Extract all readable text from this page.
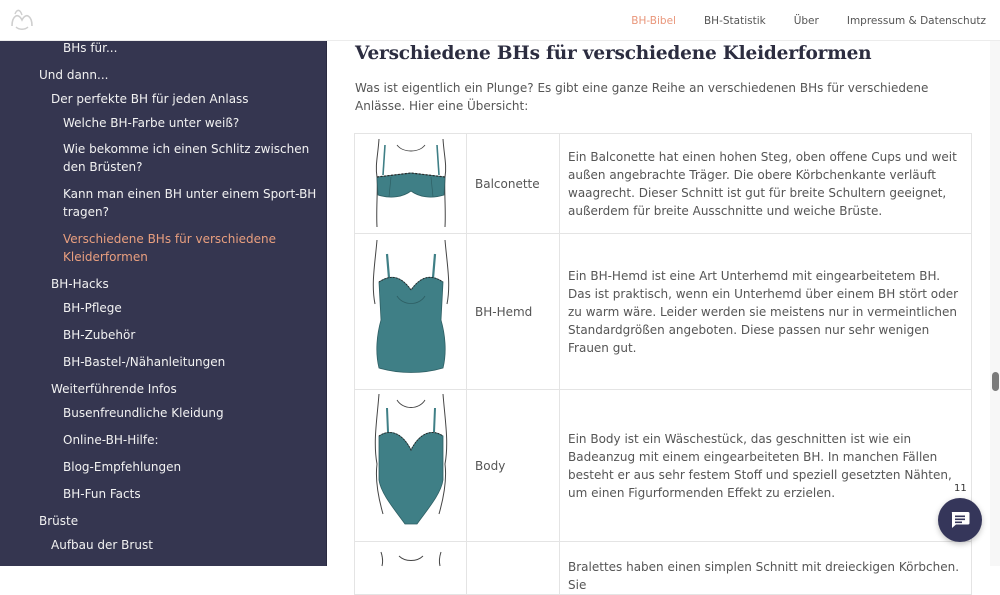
BH-Bibel	BH-Statistik	Über	Impressum & Datenschutz
BHs für...
Und dann...
Der perfekte BH für jeden Anlass
Welche BH-Farbe unter weiß?
Wie bekomme ich einen Schlitz zwischen
den Brüsten?
Kann man einen BH unter einem Sport-BH
tragen?
Verschiedene BHs für verschiedene
Kleiderformen
BH-Hacks
BH-Pflege
BH-Zubehör
BH-Bastel-/Nähanleitungen
Weiterführende Infos
Busenfreundliche Kleidung
Online-BH-Hilfe:
Blog-Empfehlungen
BH-Fun Facts
Brüste
Aufbau der Brust
Verschiedene BHs für verschiedene Kleiderformen

Was ist eigentlich ein Plunge? Es gibt eine ganze Reihe an verschiedenen BHs für verschiedene Anlässe. Hier eine Übersicht:

	Balconette	Ein Balconette hat einen hohen Steg, oben offene Cups und weit außen angebrachte Träger. Die obere Körbchenkante verläuft waagrecht. Dieser Schnitt ist gut für breite Schultern geeignet, außerdem für breite Ausschnitte und weiche Brüste.
	BH-Hemd	Ein BH-Hemd ist eine Art Unterhemd mit eingearbeitetem BH. Das ist praktisch, wenn ein Unterhemd über einem BH stört oder zu warm wäre. Leider werden sie meistens nur in vermeintlichen Standardgrößen angeboten. Diese passen nur sehr wenigen Frauen gut.
	Body	Ein Body ist ein Wäschestück, das geschnitten ist wie ein Badeanzug mit einem eingearbeiteten BH. In manchen Fällen besteht er aus sehr festem Stoff und speziell gesetzten Nähten, um einen Figurformenden Effekt zu erzielen.
		Bralettes haben einen simplen Schnitt mit dreieckigen Körbchen. Sie
11
